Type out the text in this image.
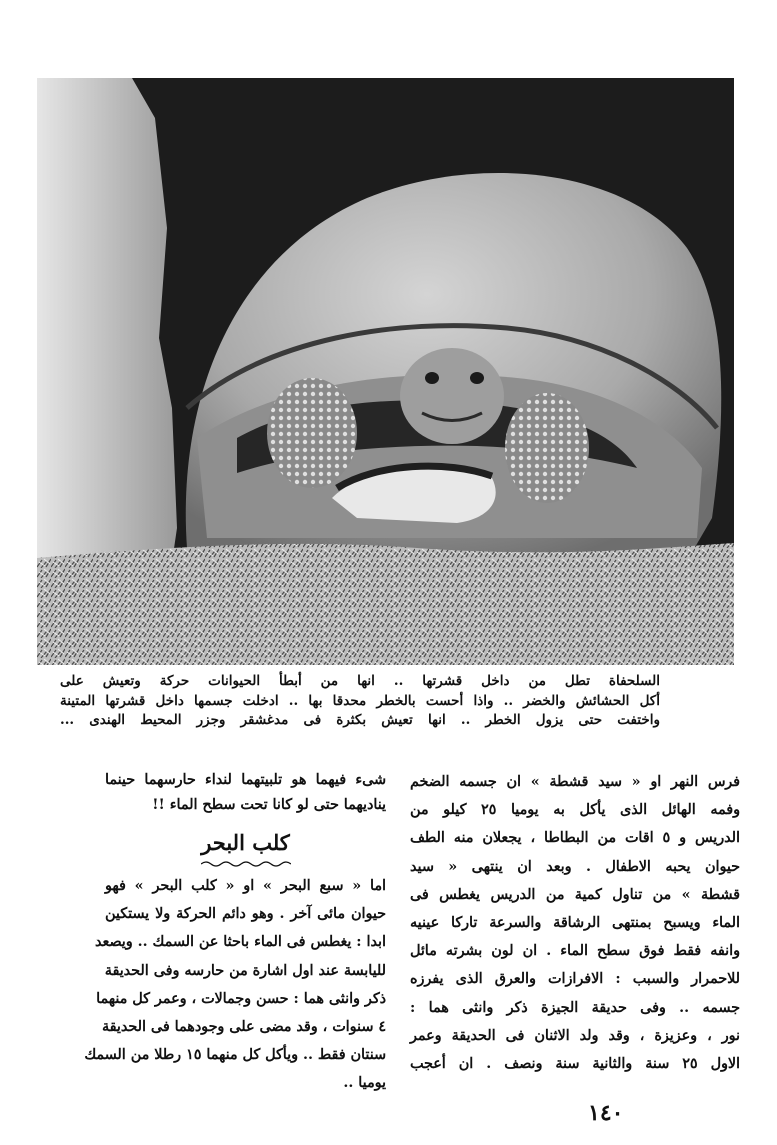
السلحفاة تطل من داخل قشرتها .. انها من أبطأ الحيوانات حركة وتعيش على
أكل الحشائش والخضر .. واذا أحست بالخطر محدقا بها .. ادخلت جسمها داخل قشرتها المتينة
واختفت حتى يزول الخطر .. انها تعيش بكثرة فى مدغشقر وجزر المحيط الهندى ...
فرس النهر او « سيد قشطة » ان جسمه الضخم
وفمه الهائل الذى يأكل به يوميا ٢٥ كيلو من
الدريس و ٥ اقات من البطاطا ، يجعلان منه الطف
حيوان يحبه الاطفال . وبعد ان ينتهى « سيد
قشطة » من تناول كمية من الدريس يغطس فى
الماء ويسبح بمنتهى الرشاقة والسرعة تاركا عينيه
وانفه فقط فوق سطح الماء . ان لون بشرته مائل
للاحمرار والسبب : الافرازات والعرق الذى يفرزه
جسمه .. وفى حديقة الجيزة ذكر وانثى هما :
نور ، وعزيزة ، وقد ولد الاثنان فى الحديقة وعمر
الاول ٢٥ سنة والثانية سنة ونصف . ان أعجب
شىء فيهما هو تلبيتهما لنداء حارسهما حينما
يناديهما حتى لو كانا تحت سطح الماء !!
كلب البحر
اما « سبع البحر » او « كلب البحر » فهو
حيوان مائى آخر . وهو دائم الحركة ولا يستكين
ابدا : يغطس فى الماء باحثا عن السمك .. ويصعد
لليابسة عند اول اشارة من حارسه وفى الحديقة
ذكر وانثى هما : حسن وجمالات ، وعمر كل منهما
٤ سنوات ، وقد مضى على وجودهما فى الحديقة
سنتان فقط .. ويأكل كل منهما ١٥ رطلا من السمك
يوميا ..
١٤٠
